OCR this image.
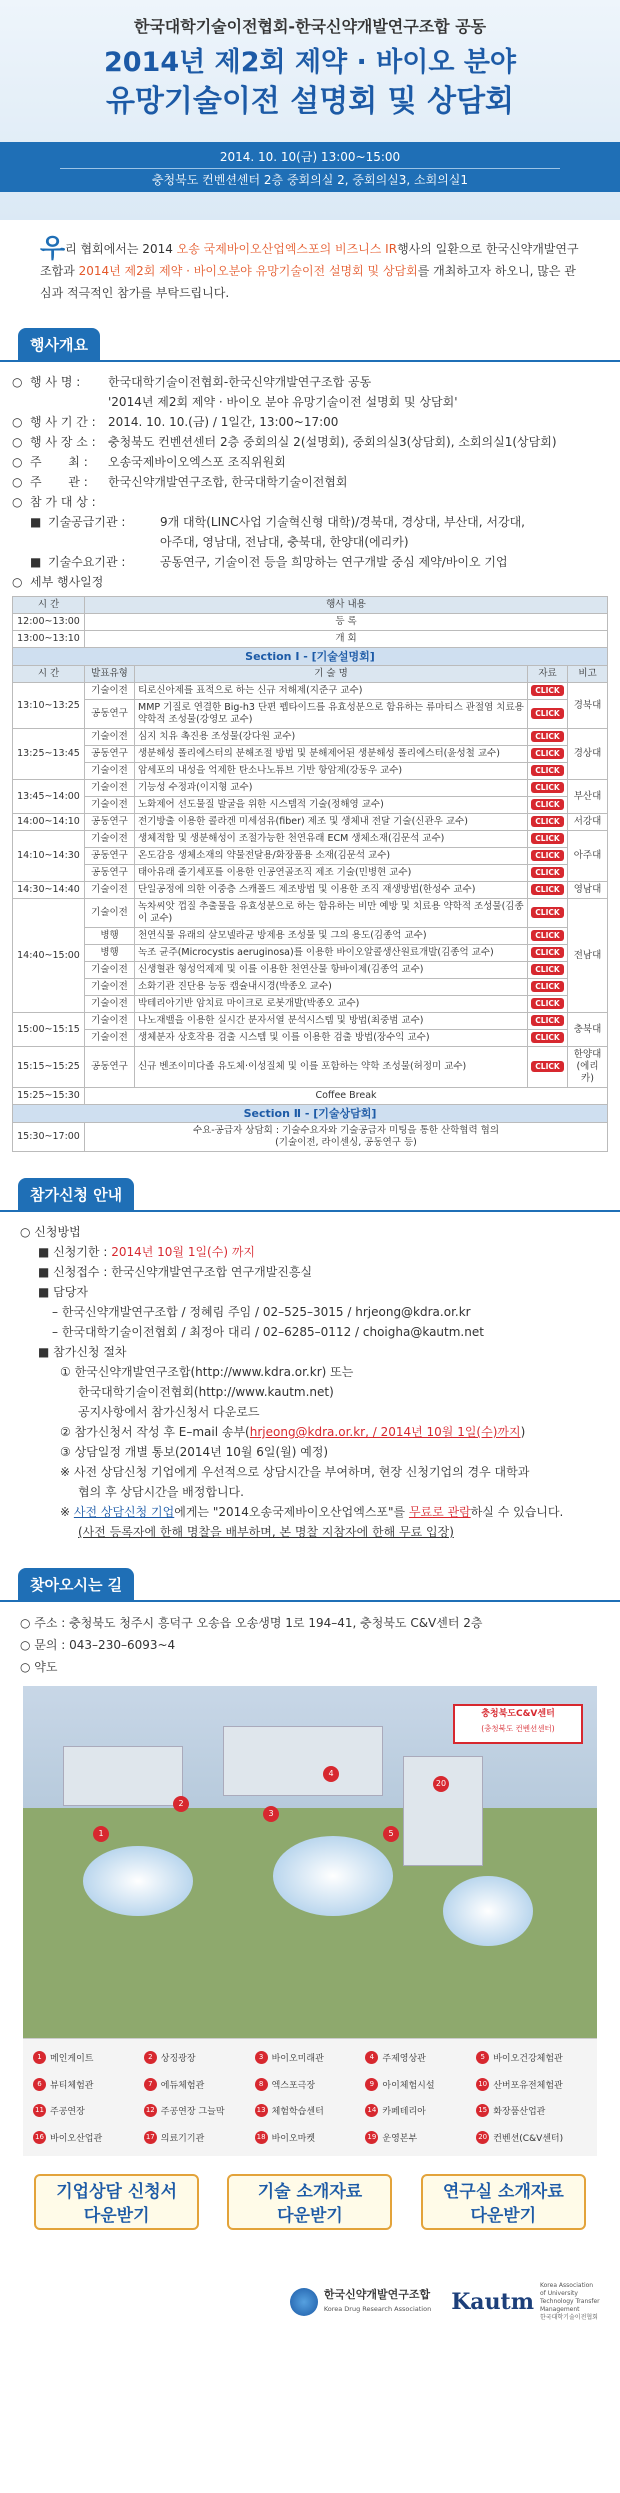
한국대학기술이전협회-한국신약개발연구조합 공동
2014년 제2회 제약 · 바이오 분야
유망기술이전 설명회 및 상담회
2014. 10. 10(금) 13:00~15:00
충청북도 컨벤션센터 2층 중회의실 2, 중회의실3, 소회의실1
우리 협회에서는 2014 오송 국제바이오산업엑스포의 비즈니스 IR행사의 일환으로 한국신약개발연구조합과 2014년 제2회 제약 · 바이오분야 유망기술이전 설명회 및 상담회를 개최하고자 하오니, 많은 관심과 적극적인 참가를 부탁드립니다.
행사개요
○ 행 사 명 :	한국대학기술이전협회-한국신약개발연구조합 공동
'2014년 제2회 제약 · 바이오 분야 유망기술이전 설명회 및 상담회'
○ 행 사 기 간 :	2014. 10. 10.(금) / 1일간, 13:00~17:00
○ 행 사 장 소 :	충청북도 컨벤션센터 2층 중회의실 2(설명회), 중회의실3(상담회), 소회의실1(상담회)
○ 주       최 :	오송국제바이오엑스포 조직위원회
○ 주       관 :	한국신약개발연구조합, 한국대학기술이전협회
○ 참 가 대 상 :
■ 기술공급기관 :	9개 대학(LINC사업 기술혁신형 대학)/경북대, 경상대, 부산대, 서강대,
아주대, 영남대, 전남대, 충북대, 한양대(에리카)
■ 기술수요기관 :	공동연구, 기술이전 등을 희망하는 연구개발 중심 제약/바이오 기업
○ 세부 행사일정
시 간	행사 내용			
12:00~13:00	등 록			
13:00~13:10	개 회			
Section Ⅰ - [기술설명회]				
시 간	발표유형	기 술 명	자료	비고
13:10~13:25	기술이전	티로신아제를 표적으로 하는 신규 저해제(지준구 교수)	CLICK	경북대
	공동연구	MMP 기질로 연결한 Big-h3 단편 펩타이드를 유효성분으로 함유하는 류마티스 관절염 치료용 약학적 조성물(강영모 교수)	CLICK	
13:25~13:45	기술이전	심지 치유 촉진용 조성물(강다원 교수)	CLICK	경상대
	공동연구	생분해성 폴리에스터의 분해조절 방법 및 분해제어된 생분해성 폴리에스터(윤성철 교수)	CLICK	
	기술이전	암세포의 내성을 억제한 탄소나노튜브 기반 항암제(강동우 교수)	CLICK	
13:45~14:00	기술이전	기능성 수정과(이지형 교수)	CLICK	부산대
	기술이전	노화제어 선도물질 발굴을 위한 시스템적 기술(정해영 교수)	CLICK	
14:00~14:10	공동연구	전기방출 이용한 콜라겐 미세섬유(fiber) 제조 및 생체내 전달 기술(신관우 교수)	CLICK	서강대
14:10~14:30	기술이전	생체적합 및 생분해성이 조절가능한 천연유래 ECM 생체소재(김문석 교수)	CLICK	아주대
	공동연구	온도감응 생체소재의 약물전달용/화장품용 소재(김문석 교수)	CLICK	
	공동연구	태아유래 줄기세포를 이용한 인공연골조직 제조 기술(민병현 교수)	CLICK	
14:30~14:40	기술이전	단일공정에 의한 이중층 스캐폴드 제조방법 및 이용한 조직 재생방법(한성수 교수)	CLICK	영남대
14:40~15:00	기술이전	녹차씨앗 껍질 추출물을 유효성분으로 하는 함유하는 비만 예방 및 치료용 약학적 조성물(김종이 교수)	CLICK	전남대
	병행	천연식물 유래의 살모넬라균 방제용 조성물 및 그의 용도(김종억 교수)	CLICK	
	병행	녹조 균주(Microcystis aeruginosa)를 이용한 바이오알콜생산원료개발(김종억 교수)	CLICK	
	기술이전	신생혈관 형성억제제 및 이를 이용한 천연산물 항바이제(김종억 교수)	CLICK	
	기술이전	소화기관 진단용 능동 캡슐내시경(박종오 교수)	CLICK	
	기술이전	박테리아기반 암치료 마이크로 로봇개발(박종오 교수)	CLICK	
15:00~15:15	기술이전	나노재밸을 이용한 실시간 분자서열 분석시스템 및 방법(최중범 교수)	CLICK	충북대
	기술이전	생체분자 상호작용 검출 시스템 및 이를 이용한 검출 방법(장수익 교수)	CLICK	
15:15~15:25	공동연구	신규 벤조이미다졸 유도체·이성질체 및 이를 포함하는 약학 조성물(허정미 교수)	CLICK	한양대 (에리카)
15:25~15:30	Coffee Break			
Section Ⅱ - [기술상담회]				
15:30~17:00	수요-공급자 상담회 : 기술수요자와 기술공급자 미팅을 통한 산학협력 협의
(기술이전, 라이센싱, 공동연구 등)			
참가신청 안내
○ 신청방법
■ 신청기한 : 2014년 10월 1일(수) 까지
■ 신청접수 : 한국신약개발연구조합 연구개발진흥실
■ 담당자
– 한국신약개발연구조합 / 정혜림 주임 / 02–525–3015 / hrjeong@kdra.or.kr
– 한국대학기술이전협회 / 최정아 대리 / 02–6285–0112 / choigha@kautm.net
■ 참가신청 절차
① 한국신약개발연구조합(http://www.kdra.or.kr) 또는
한국대학기술이전협회(http://www.kautm.net)
공지사항에서 참가신청서 다운로드
② 참가신청서 작성 후 E–mail 송부(hrjeong@kdra.or.kr, / 2014년 10월 1일(수)까지)
③ 상담일정 개별 통보(2014년 10월 6일(월) 예정)
※ 사전 상담신청 기업에게 우선적으로 상담시간을 부여하며, 현장 신청기업의 경우 대학과
협의 후 상담시간을 배정합니다.
※ 사전 상담신청 기업에게는 "2014오송국제바이오산업엑스포"를 무료로 관람하실 수 있습니다.
(사전 등록자에 한해 명찰을 배부하며, 본 명찰 지참자에 한해 무료 입장)
찾아오시는 길
○ 주소 : 충청북도 청주시 흥덕구 오송읍 오송생명 1로 194–41, 충청북도 C&V센터 2층
○ 문의 : 043–230–6093~4
○ 약도
1
2
3
4
5
20
충청북도C&V센터
(충청북도 컨벤션센터)
1 메인게이트	2 상징광장	3 바이오미래관	4 주제영상관	5 바이오건강체험관
6 뷰티체험관	7 에듀체험관	8 엑스포극장	9 아이체험시설	10 산버포유전체험관
11 주공연장	12 주공연장 그늘막	13 체험학습센터	14 카페테리아	15 화장품산업관
16 바이오산업관	17 의료기기관	18 바이오마켓	19 운영본부	20 컨벤션(C&V센터)
기업상담 신청서
다운받기
기술 소개자료
다운받기
연구실 소개자료
다운받기
한국신약개발연구조합
Korea Drug Research Association Kautm
Korea Association of University Technology Transfer Management
한국대학기술이전협회
